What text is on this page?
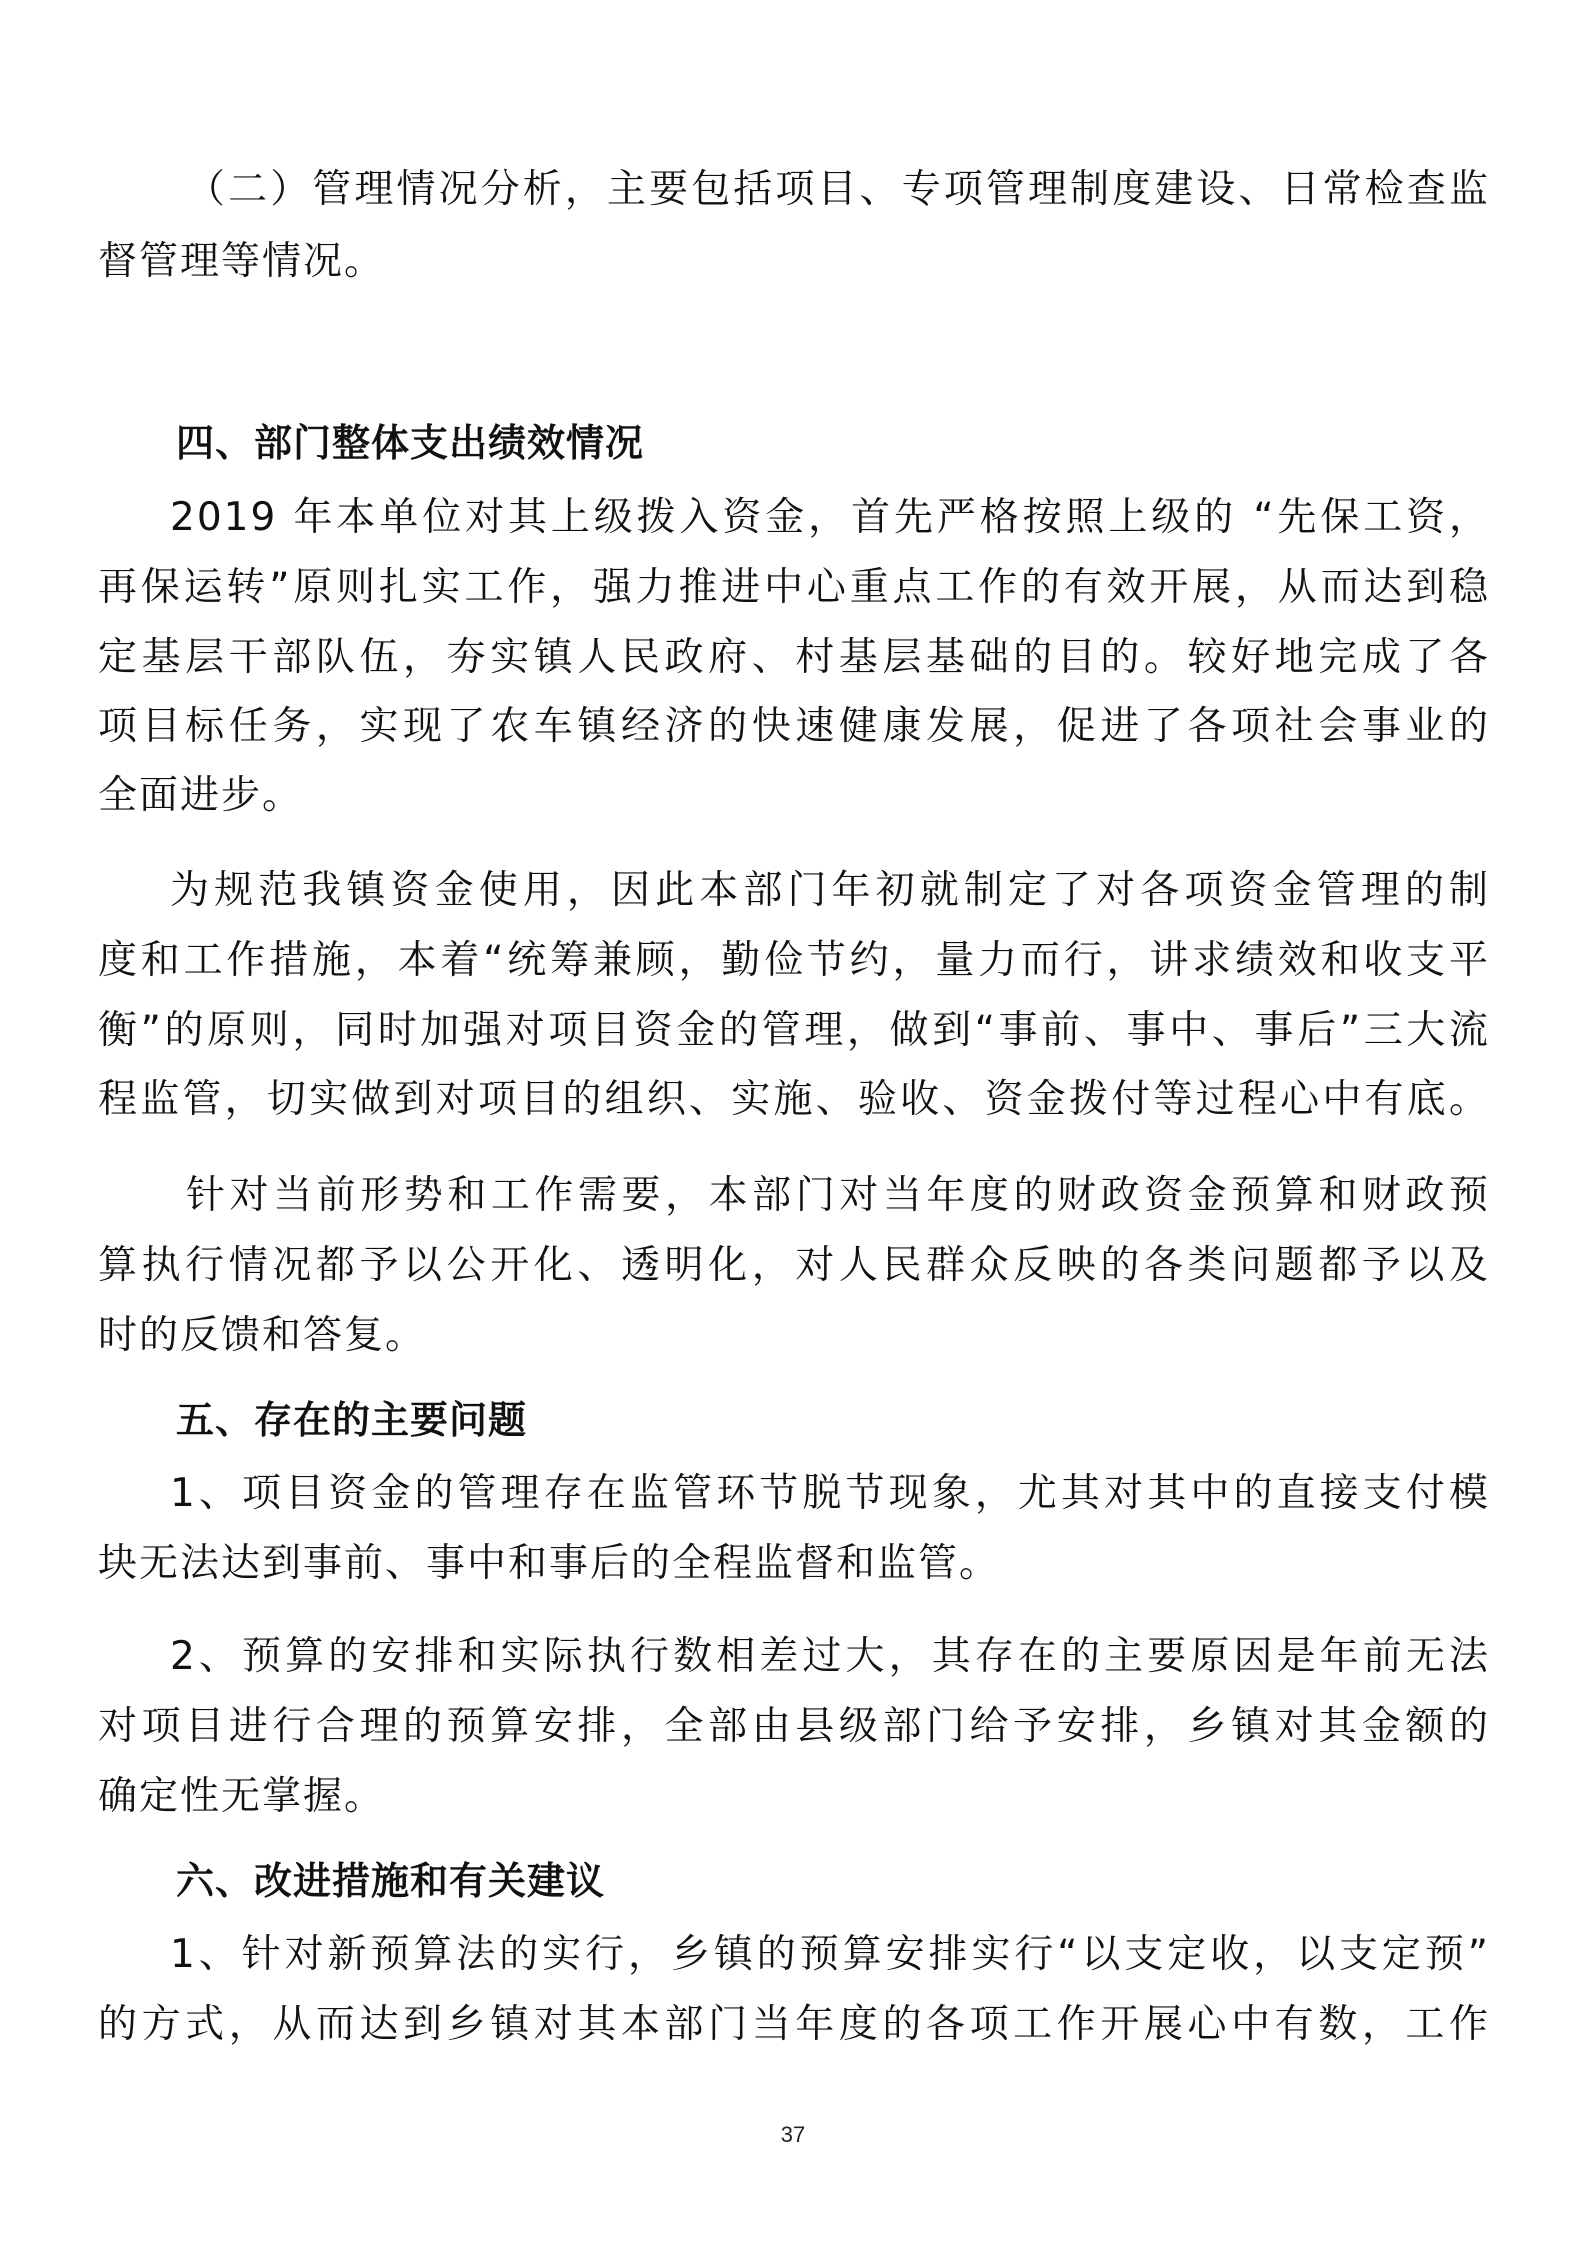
（二）管理情况分析，主要包括项目、专项管理制度建设、日常检查监
督管理等情况。
四、部门整体支出绩效情况
2019 年本单位对其上级拨入资金，首先严格按照上级的 “先保工资，
再保运转”原则扎实工作，强力推进中心重点工作的有效开展，从而达到稳
定基层干部队伍，夯实镇人民政府、村基层基础的目的。较好地完成了各
项目标任务，实现了农车镇经济的快速健康发展，促进了各项社会事业的
全面进步。
为规范我镇资金使用，因此本部门年初就制定了对各项资金管理的制
度和工作措施，本着“统筹兼顾，勤俭节约，量力而行，讲求绩效和收支平
衡”的原则，同时加强对项目资金的管理，做到“事前、事中、事后”三大流
程监管，切实做到对项目的组织、实施、验收、资金拨付等过程心中有底。
针对当前形势和工作需要，本部门对当年度的财政资金预算和财政预
算执行情况都予以公开化、透明化，对人民群众反映的各类问题都予以及
时的反馈和答复。
五、存在的主要问题
1、项目资金的管理存在监管环节脱节现象，尤其对其中的直接支付模
块无法达到事前、事中和事后的全程监督和监管。
2、预算的安排和实际执行数相差过大，其存在的主要原因是年前无法
对项目进行合理的预算安排，全部由县级部门给予安排，乡镇对其金额的
确定性无掌握。
六、改进措施和有关建议
1、针对新预算法的实行，乡镇的预算安排实行“以支定收，以支定预”
的方式，从而达到乡镇对其本部门当年度的各项工作开展心中有数，工作
37
